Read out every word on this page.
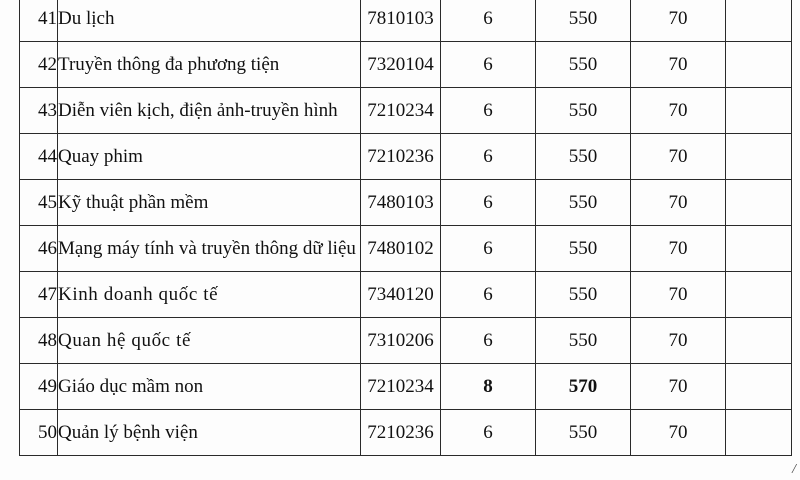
41	Du lịch	7810103	6	550	70	
42	Truyền thông đa phương tiện	7320104	6	550	70	
43	Diễn viên kịch, điện ảnh-truyền hình	7210234	6	550	70	
44	Quay phim	7210236	6	550	70	
45	Kỹ thuật phần mềm	7480103	6	550	70	
46	Mạng máy tính và truyền thông dữ liệu	7480102	6	550	70	
47	Kinh doanh quốc tế	7340120	6	550	70	
48	Quan hệ quốc tế	7310206	6	550	70	
49	Giáo dục mầm non	7210234	8	570	70	
50	Quản lý bệnh viện	7210236	6	550	70	
/
